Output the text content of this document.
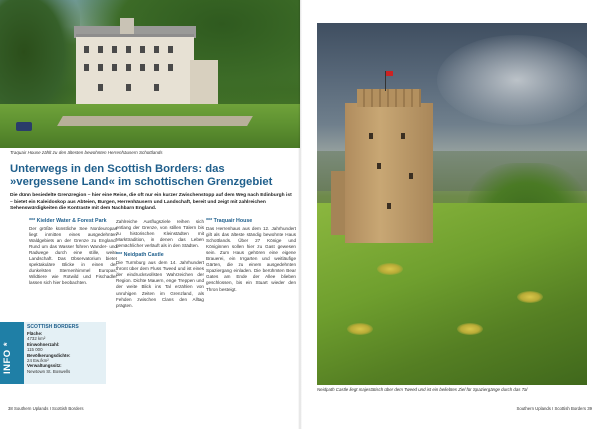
Traquair House zählt zu den ältesten bewohnten Herrenhäusern Schottlands
Unterwegs in den Scottish Borders: das »vergessene Land« im schottischen Grenzgebiet

Die dünn besiedelte Grenzregion – hier eine Reise, die oft nur ein kurzer Zwischenstopp auf dem Weg nach Edinburgh ist – bietet ein Kaleidoskop aus Abteien, Burgen, Herrenhäusern und Landschaft, bereit und zeigt mit zahlreichen Sehenswürdigkeiten die Kontraste mit dem Nachbarn England.

*** Kielder Water & Forest Park

Der größte künstliche See Nordeuropas liegt inmitten eines ausgedehnten Waldgebiets an der Grenze zu England. Rund um das Wasser führen Wander- und Radwege durch eine stille, weite Landschaft. Das Observatorium bietet spektakuläre Blicke in einen der dunkelsten Sternenhimmel Europas, Wildtiere wie Rotwild und Fischadler lassen sich hier beobachten.

Zahlreiche Ausflugsziele reihen sich entlang der Grenze, von stillen Tälern bis zu historischen Kleinstädten mit Markttradition, in denen das Leben gemächlicher verläuft als in den Städten.

*** Neidpath Castle

Die Turmburg aus dem 14. Jahrhundert thront über dem Fluss Tweed und ist eines der eindrucksvollsten Wahrzeichen der Region. Dichte Mauern, enge Treppen und der weite Blick ins Tal erzählen von unruhigen Zeiten im Grenzland, als Fehden zwischen Clans den Alltag prägten.

*** Traquair House

Das Herrenhaus aus dem 12. Jahrhundert gilt als das älteste ständig bewohnte Haus Schottlands. Über 27 Könige und Königinnen sollen hier zu Gast gewesen sein. Zum Haus gehören eine eigene Brauerei, ein Irrgarten und weitläufige Gärten, die zu einem ausgedehnten Spaziergang einladen. Die berühmten Bear Gates am Ende der Allee blieben geschlossen, bis ein Stuart wieder den Thron besteigt.

INFO *
SCOTTISH BORDERS
Fläche:
4732 km²
Einwohnerzahl:
115 000
Bevölkerungsdichte:
24 Ew./km²
Verwaltungssitz:
Newtown St. Boswells
38 Southern Uplands I Scottish Borders
Neidpath Castle liegt majestätisch über dem Tweed und ist ein beliebtes Ziel für Spaziergänge durch das Tal
Southern Uplands I Scottish Borders 39
